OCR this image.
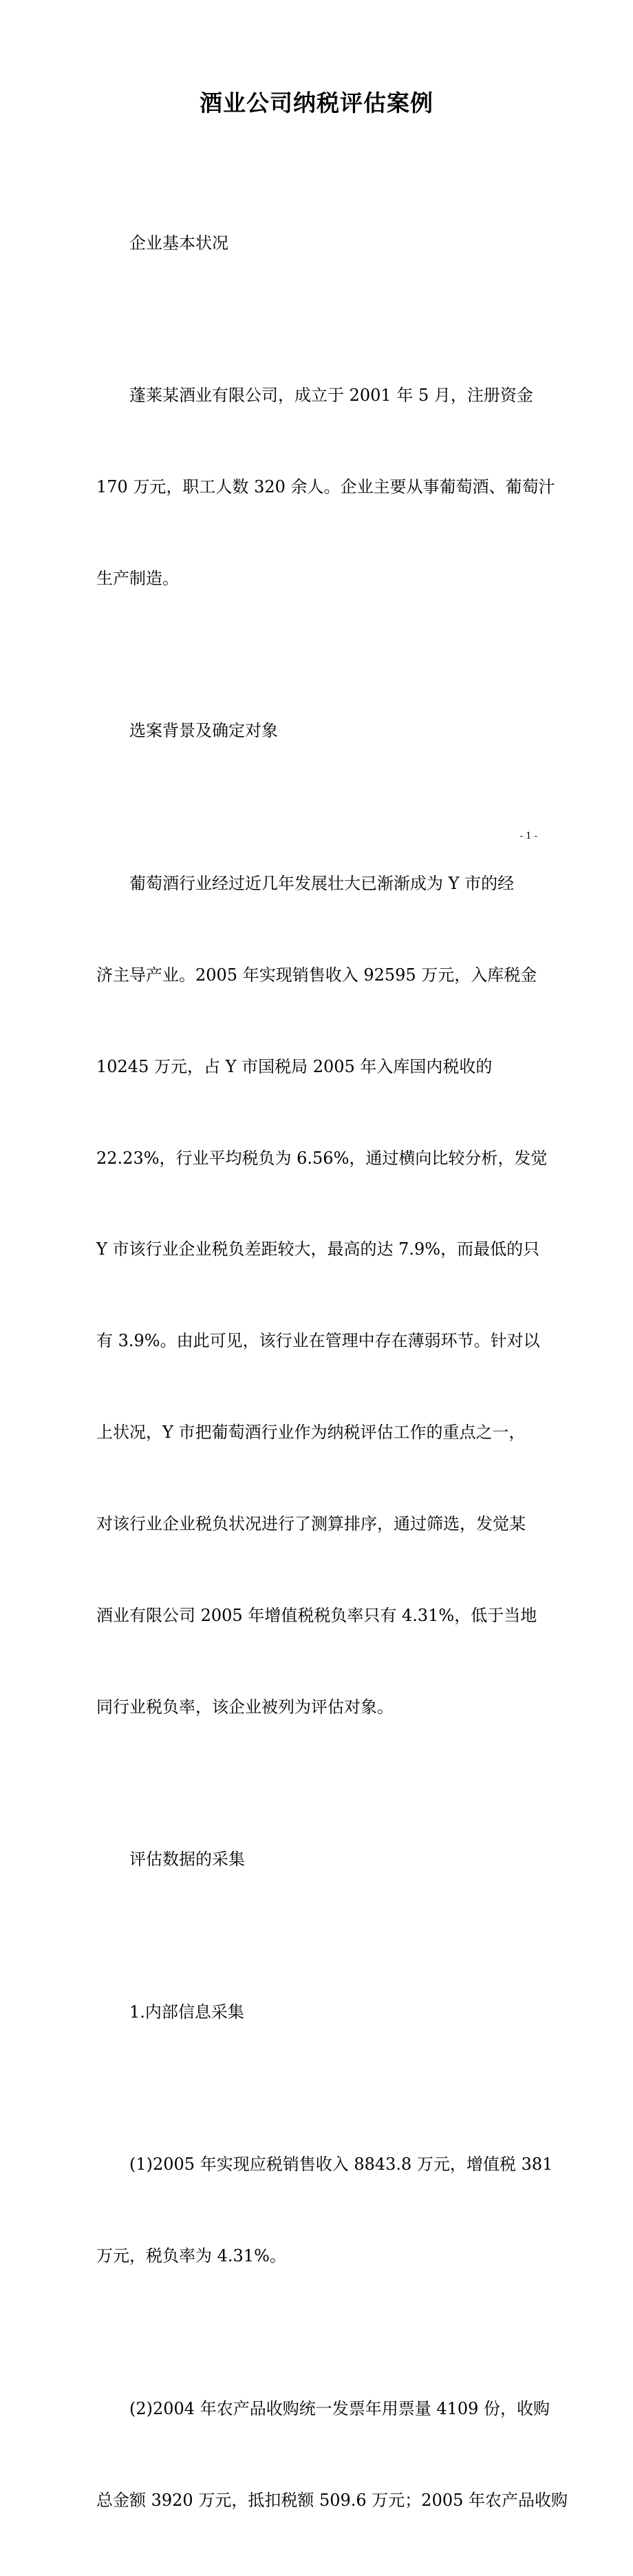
酒业公司纳税评估案例

企业基本状况

蓬莱某酒业有限公司，成立于 2001 年 5 月，注册资金

170 万元，职工人数 320 余人。企业主要从事葡萄酒、葡萄汁

生产制造。

选案背景及确定对象

葡萄酒行业经过近几年发展壮大已渐渐成为 Y 市的经

济主导产业。2005 年实现销售收入 92595 万元，入库税金

10245 万元，占 Y 市国税局 2005 年入库国内税收的

22.23%，行业平均税负为 6.56%，通过横向比较分析，发觉

Y 市该行业企业税负差距较大，最高的达 7.9%，而最低的只

有 3.9%。由此可见，该行业在管理中存在薄弱环节。针对以

上状况，Y 市把葡萄酒行业作为纳税评估工作的重点之一，

对该行业企业税负状况进行了测算排序，通过筛选，发觉某

酒业有限公司 2005 年增值税税负率只有 4.31%，低于当地

同行业税负率，该企业被列为评估对象。

评估数据的采集

1.内部信息采集

(1)2005 年实现应税销售收入 8843.8 万元，增值税 381

万元，税负率为 4.31%。

(2)2004 年农产品收购统一发票年用票量 4109 份，收购

总金额 3920 万元，抵扣税额 509.6 万元；2005 年农产品收购

- 1 -
